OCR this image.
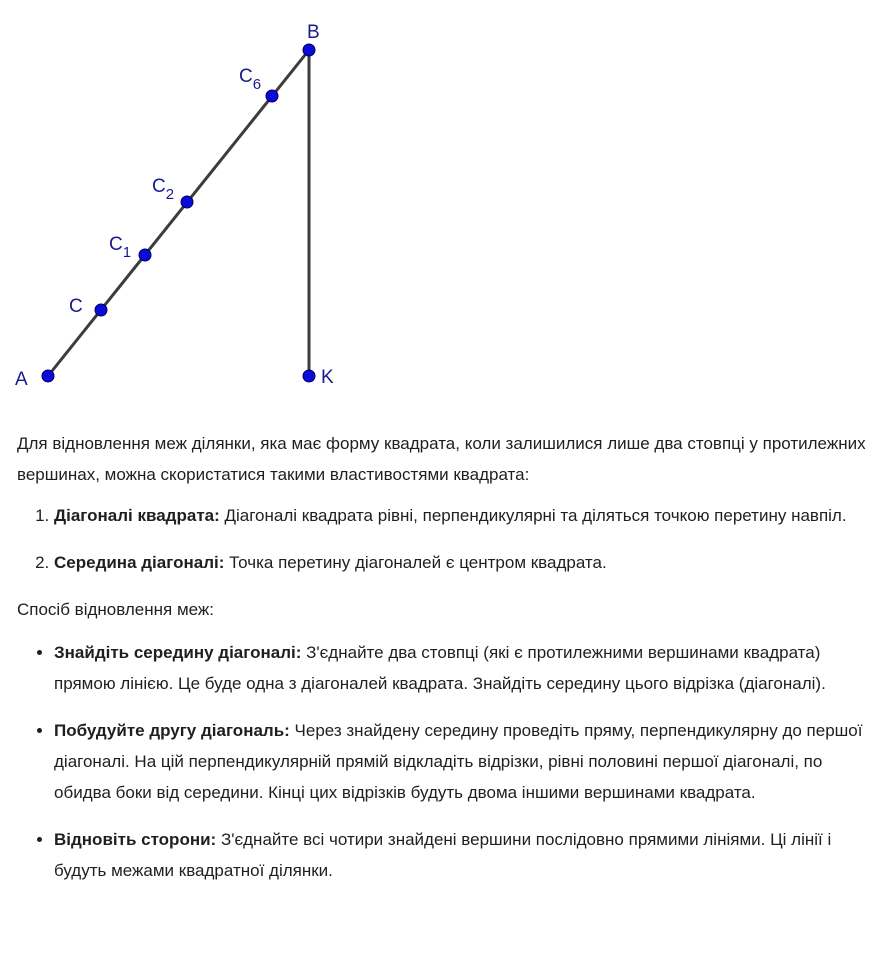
A
C
$C_1$
$C_2$
$C_6$
B
K

Для відновлення меж ділянки, яка має форму квадрата, коли залишилися лише два стовпці у протилежних вершинах, можна скористатися такими властивостями квадрата:

1. Діагоналі квадрата: Діагоналі квадрата рівні, перпендикулярні та діляться точкою перетину навпіл.
2. Середина діагоналі: Точка перетину діагоналей є центром квадрата.

Спосіб відновлення меж:

• Знайдіть середину діагоналі: З'єднайте два стовпці (які є протилежними вершинами квадрата) прямою лінією. Це буде одна з діагоналей квадрата. Знайдіть середину цього відрізка (діагоналі).
• Побудуйте другу діагональ: Через знайдену середину проведіть пряму, перпендикулярну до першої діагоналі. На цій перпендикулярній прямій відкладіть відрізки, рівні половині першої діагоналі, по обидва боки від середини. Кінці цих відрізків будуть двома іншими вершинами квадрата.
• Відновіть сторони: З'єднайте всі чотири знайдені вершини послідовно прямими лініями. Ці лінії і будуть межами квадратної ділянки.
